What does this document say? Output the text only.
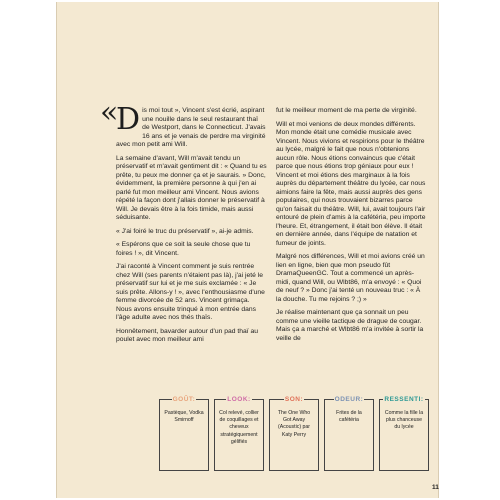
«
D is moi tout », Vincent s'est écrié, aspirant une nouille dans le seul restaurant thaï de Westport, dans le Connecticut. J'avais 16 ans et je venais de perdre ma virginité avec mon petit ami Will.

La semaine d'avant, Will m'avait tendu un préservatif et m'avait gentiment dit : « Quand tu es prête, tu peux me donner ça et je saurais. » Donc, évidemment, la première personne à qui j'en ai parlé fut mon meilleur ami Vincent. Nous avions répété la façon dont j'allais donner le préservatif à Will. Je devais être à la fois timide, mais aussi séduisante.

« J'ai foiré le truc du préservatif », ai-je admis.

« Espérons que ce soit la seule chose que tu foires ! », dit Vincent.

J'ai raconté à Vincent comment je suis rentrée chez Will (ses parents n'étaient pas là), j'ai jeté le préservatif sur lui et je me suis exclamée : « Je suis prête. Allons-y ! », avec l'enthousiasme d'une femme divorcée de 52 ans. Vincent grimaça. Nous avons ensuite trinqué à mon entrée dans l'âge adulte avec nos thés thaïs.

Honnêtement, bavarder autour d'un pad thaï au poulet avec mon meilleur ami

fut le meilleur moment de ma perte de virginité.

Will et moi venions de deux mondes différents. Mon monde était une comédie musicale avec Vincent. Nous vivions et respirions pour le théâtre au lycée, malgré le fait que nous n'obtenions aucun rôle. Nous étions convaincus que c'était parce que nous étions trop géniaux pour eux ! Vincent et moi étions des marginaux à la fois auprès du département théâtre du lycée, car nous aimions faire la fête, mais aussi auprès des gens populaires, qui nous trouvaient bizarres parce qu'on faisait du théâtre. Will, lui, avait toujours l'air entouré de plein d'amis à la cafétéria, peu importe l'heure. Et, étrangement, il était bon élève. Il était en dernière année, dans l'équipe de natation et fumeur de joints.

Malgré nos différences, Will et moi avions créé un lien en ligne, bien que mon pseudo fût DramaQueenGC. Tout a commencé un après-midi, quand Will, ou Wlbt86, m'a envoyé : « Quoi de neuf ? » Donc j'ai tenté un nouveau truc : « À la douche. Tu me rejoins ? ;) »

Je réalise maintenant que ça sonnait un peu comme une vieille tactique de drague de cougar. Mais ça a marché et Wlbt86 m'a invitée à sortir la veille de

GOÛT:
Pastèque, Vodka Smirnoff
LOOK:
Col relevé, collier de coquillages et cheveux stratégiquement gélifiés
SON:
The One Who Got Away (Acoustic) par Katy Perry
ODEUR:
Frites de la cafétéria
RESSENTI:
Comme la fille la plus chanceuse du lycée
11
